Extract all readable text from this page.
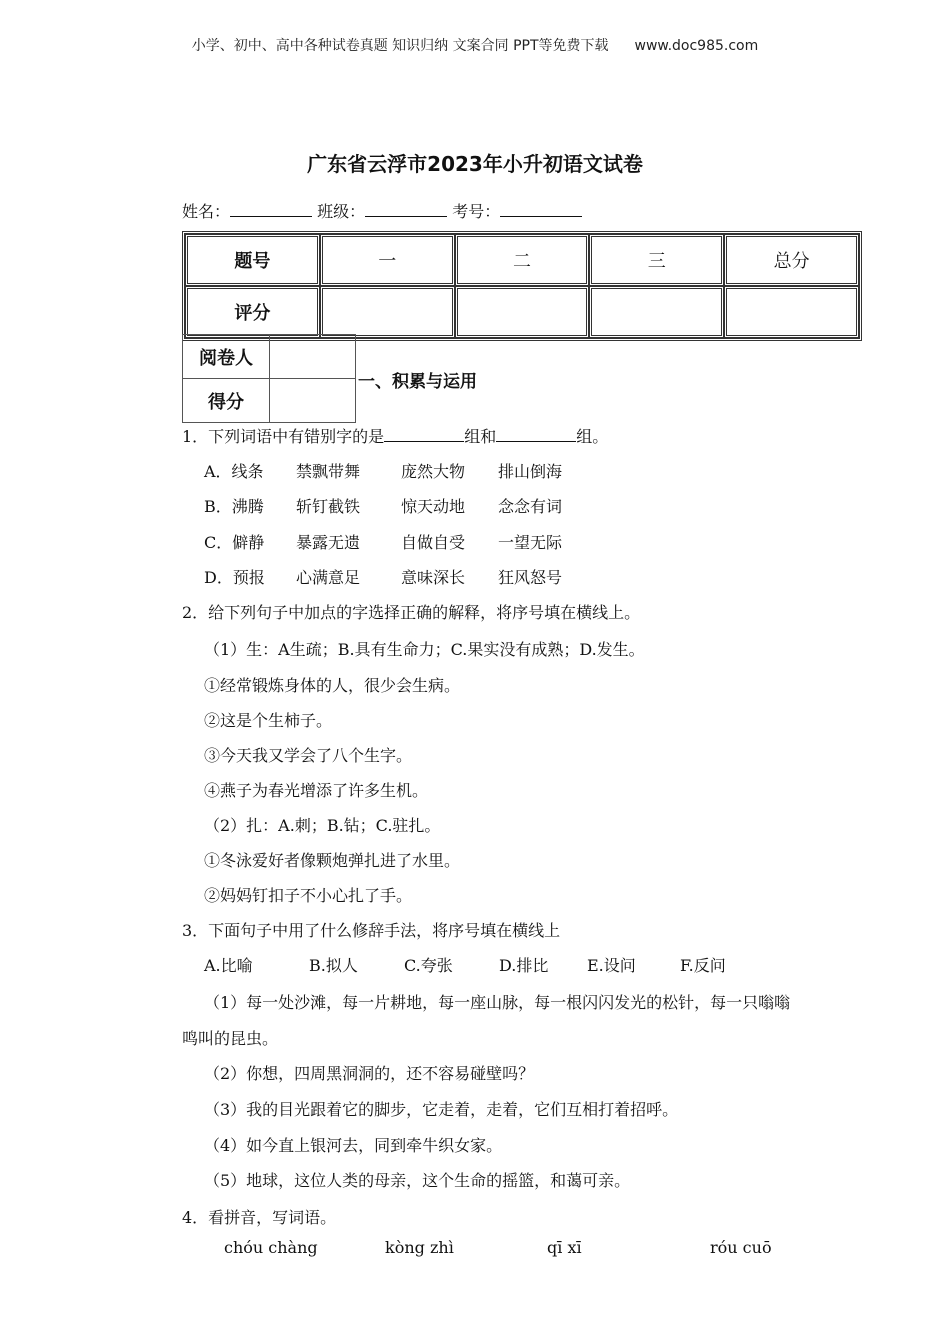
小学、初中、高中各种试卷真题 知识归纳 文案合同 PPT等免费下载 www.doc985.com
广东省云浮市2023年小升初语文试卷
姓名：	班级：	考号：
题号	一	二	三	总分
评分				
阅卷人	
得分	
一、积累与运用
1．下列词语中有错别字的是	组和	组。
A．线条 禁飘带舞	庞然大物 排山倒海
B．沸腾 斩钉截铁	惊天动地 念念有词
C．僻静 暴露无遗	自做自受 一望无际
D．预报 心满意足	意味深长 狂风怒号
2．给下列句子中加点的字选择正确的解释，将序号填在横线上。
（1）生：A生疏；B.具有生命力；C.果实没有成熟；D.发生。
①经常锻炼身体的人，很少会生病。
②这是个生柿子。
③今天我又学会了八个生字。
④燕子为春光增添了许多生机。
（2）扎：A.刺；B.钻；C.驻扎。
①冬泳爱好者像颗炮弹扎进了水里。
②妈妈钉扣子不小心扎了手。
3．下面句子中用了什么修辞手法，将序号填在横线上
A.比喻	B.拟人	C.夸张	D.排比 E.设问	F.反问
（1）每一处沙滩，每一片耕地，每一座山脉，每一根闪闪发光的松针，每一只嗡嗡
鸣叫的昆虫。
（2）你想，四周黑洞洞的，还不容易碰壁吗？
（3）我的目光跟着它的脚步，它走着，走着，它们互相打着招呼。
（4）如今直上银河去，同到牵牛织女家。
（5）地球，这位人类的母亲，这个生命的摇篮，和蔼可亲。
4．看拼音，写词语。
chóu chàng	kòng zhì	qī xī	róu cuō
